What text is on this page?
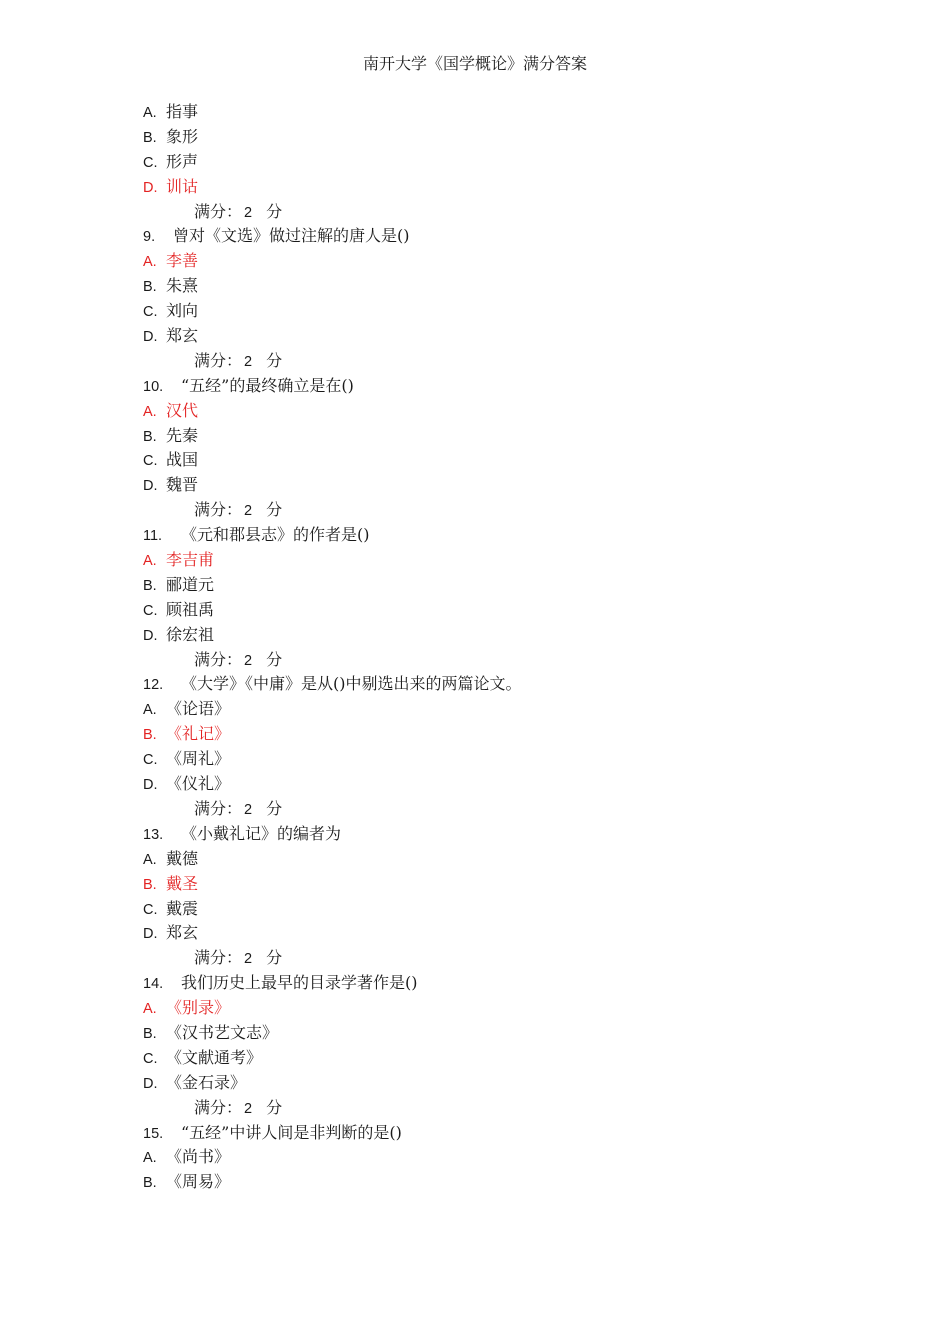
南开大学《国学概论》满分答案
A. 指事
B. 象形
C. 形声
D. 训诂
满分： 2 分
9. 曾对《文选》做过注解的唐人是()
A. 李善
B. 朱熹
C. 刘向
D. 郑玄
满分： 2 分
10. “五经”的最终确立是在()
A. 汉代
B. 先秦
C. 战国
D. 魏晋
满分： 2 分
11. 《元和郡县志》的作者是()
A. 李吉甫
B. 郦道元
C. 顾祖禹
D. 徐宏祖
满分： 2 分
12. 《大学》《中庸》是从()中剔选出来的两篇论文。
A. 《论语》
B. 《礼记》
C. 《周礼》
D. 《仪礼》
满分： 2 分
13. 《小戴礼记》的编者为
A. 戴德
B. 戴圣
C. 戴震
D. 郑玄
满分： 2 分
14. 我们历史上最早的目录学著作是()
A. 《别录》
B. 《汉书艺文志》
C. 《文献通考》
D. 《金石录》
满分： 2 分
15. “五经”中讲人间是非判断的是()
A. 《尚书》
B. 《周易》
